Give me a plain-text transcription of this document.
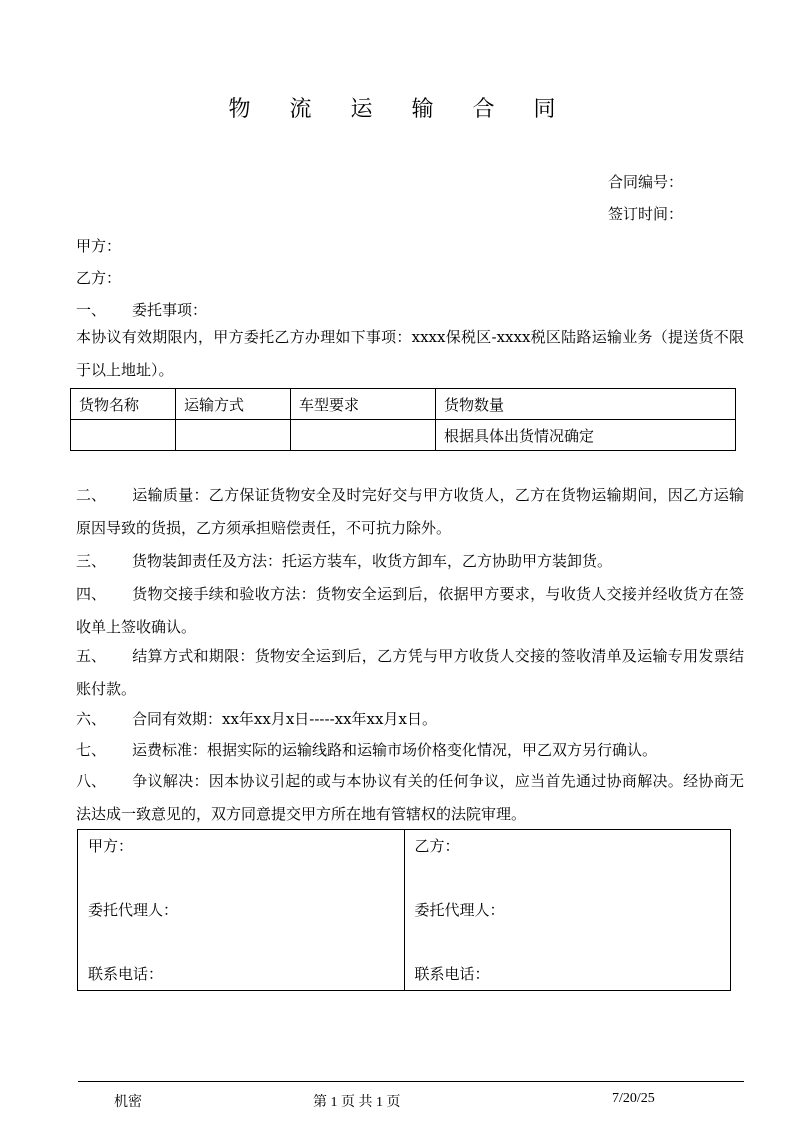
物 流 运 输 合 同
合同编号：
签订时间：
甲方：
乙方：
一、 委托事项：
本协议有效期限内，甲方委托乙方办理如下事项：xxxx保税区-xxxx税区陆路运输业务（提送货不限于以上地址）。
货物名称	运输方式	车型要求	货物数量
			根据具体出货情况确定
二、 运输质量：乙方保证货物安全及时完好交与甲方收货人，乙方在货物运输期间，因乙方运输原因导致的货损，乙方须承担赔偿责任，不可抗力除外。
三、 货物装卸责任及方法：托运方装车，收货方卸车，乙方协助甲方装卸货。
四、 货物交接手续和验收方法：货物安全运到后，依据甲方要求，与收货人交接并经收货方在签收单上签收确认。
五、 结算方式和期限：货物安全运到后，乙方凭与甲方收货人交接的签收清单及运输专用发票结账付款。
六、 合同有效期：xx年xx月x日-----xx年xx月x日。
七、 运费标准：根据实际的运输线路和运输市场价格变化情况，甲乙双方另行确认。
八、 争议解决：因本协议引起的或与本协议有关的任何争议，应当首先通过协商解决。经协商无法达成一致意见的，双方同意提交甲方所在地有管辖权的法院审理。
甲方：
委托代理人：
联系电话：

乙方：
委托代理人：
联系电话：
机密	第 1 页 共 1 页	7/20/25
